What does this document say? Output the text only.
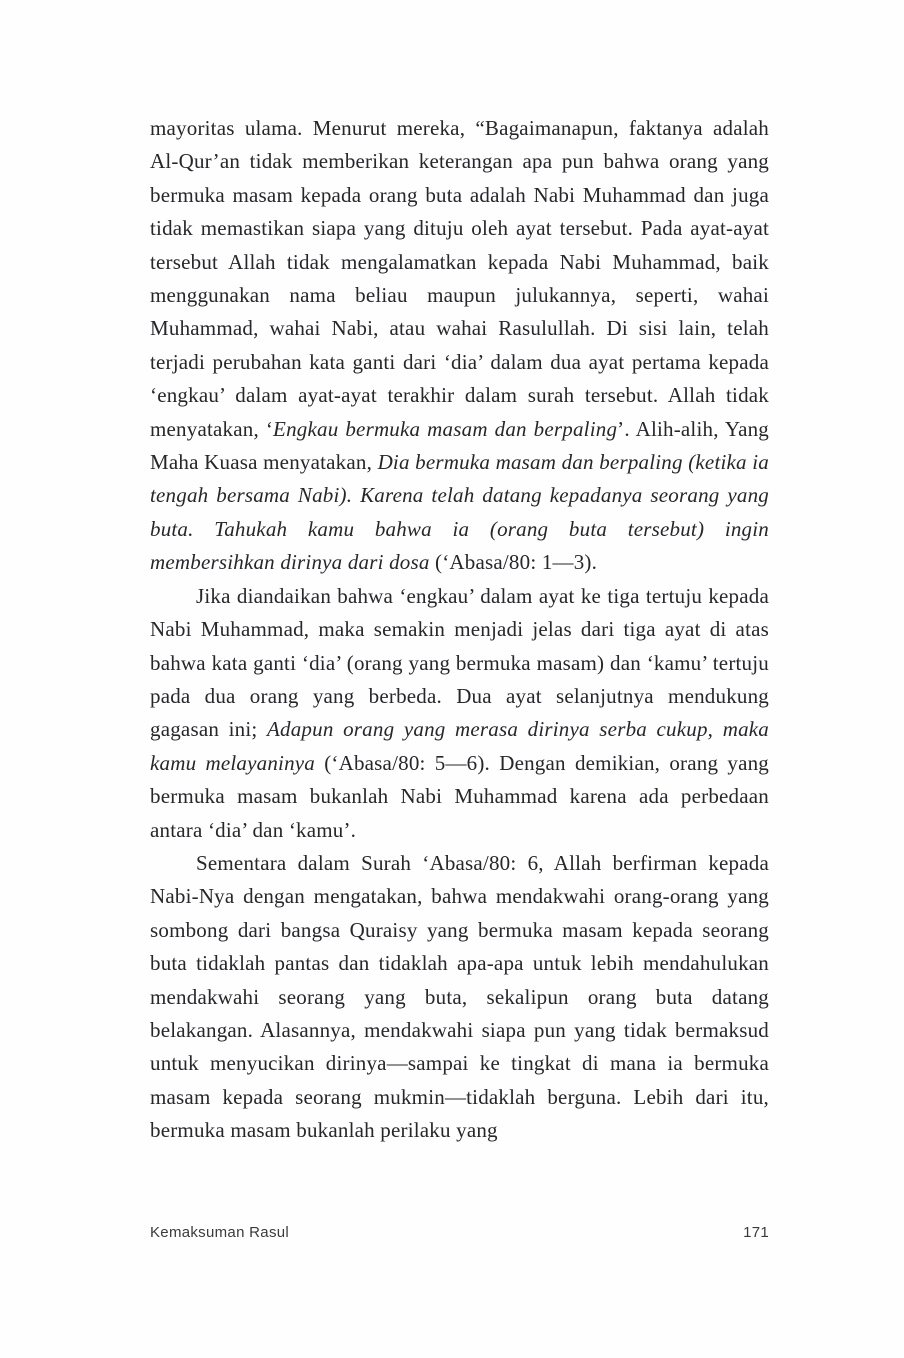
mayoritas ulama. Menurut mereka, “Bagaimanapun, faktanya adalah Al-Qur’an tidak memberikan keterangan apa pun bahwa orang yang bermuka masam kepada orang buta adalah Nabi Muhammad dan juga tidak memastikan siapa yang dituju oleh ayat tersebut. Pada ayat-ayat tersebut Allah tidak mengalamatkan kepada Nabi Muhammad, baik menggunakan nama beliau maupun julukannya, seperti, wahai Muhammad, wahai Nabi, atau wahai Rasulullah. Di sisi lain, telah terjadi perubahan kata ganti dari ‘dia’ dalam dua ayat pertama kepada ‘engkau’ dalam ayat-ayat terakhir dalam surah tersebut. Allah tidak menyatakan, ‘Engkau bermuka masam dan berpaling’. Alih-alih, Yang Maha Kuasa menyatakan, Dia bermuka masam dan berpaling (ketika ia tengah bersama Nabi). Karena telah datang kepadanya seorang yang buta. Tahukah kamu bahwa ia (orang buta tersebut) ingin membersihkan dirinya dari dosa (‘Abasa/80: 1—3).

Jika diandaikan bahwa ‘engkau’ dalam ayat ke tiga tertuju kepada Nabi Muhammad, maka semakin menjadi jelas dari tiga ayat di atas bahwa kata ganti ‘dia’ (orang yang bermuka masam) dan ‘kamu’ tertuju pada dua orang yang berbeda. Dua ayat selanjutnya mendukung gagasan ini; Adapun orang yang merasa dirinya serba cukup, maka kamu melayaninya (‘Abasa/80: 5—6). Dengan demikian, orang yang bermuka masam bukanlah Nabi Muhammad karena ada perbedaan antara ‘dia’ dan ‘kamu’.

Sementara dalam Surah ‘Abasa/80: 6, Allah berfirman kepada Nabi-Nya dengan mengatakan, bahwa mendakwahi orang-orang yang sombong dari bangsa Quraisy yang bermuka masam kepada seorang buta tidaklah pantas dan tidaklah apa-apa untuk lebih mendahulukan mendakwahi seorang yang buta, sekalipun orang buta datang belakangan. Alasannya, mendakwahi siapa pun yang tidak bermaksud untuk menyucikan dirinya—sampai ke tingkat di mana ia bermuka masam kepada seorang mukmin—tidaklah berguna. Lebih dari itu, bermuka masam bukanlah perilaku yang

Kemaksuman Rasul	171
